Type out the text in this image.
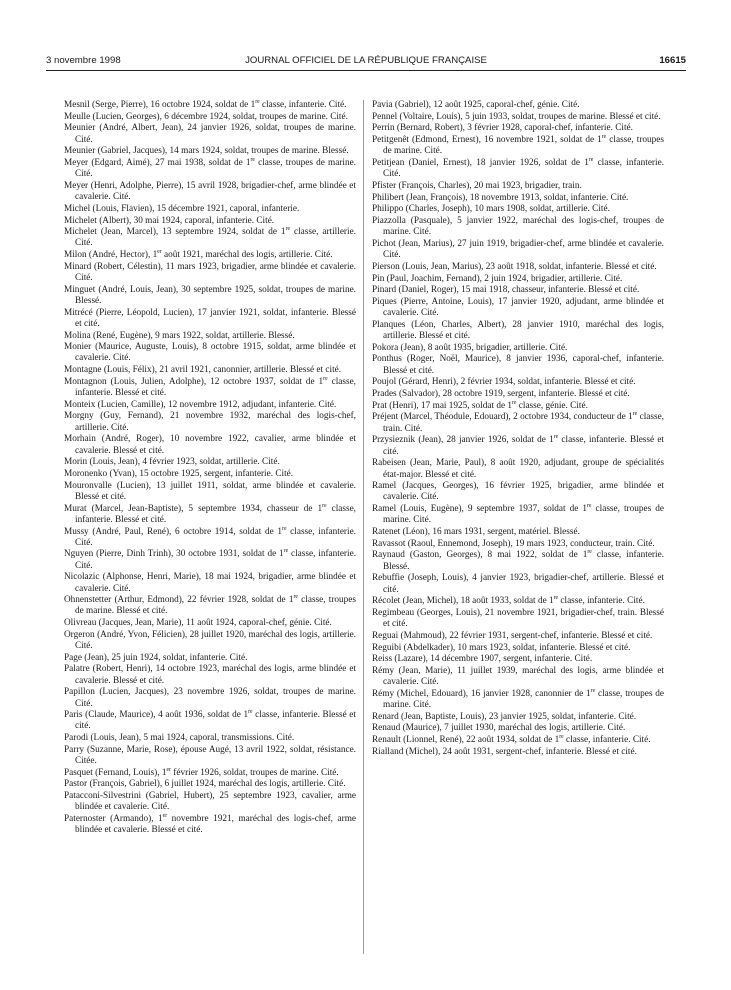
3 novembre 1998	JOURNAL OFFICIEL DE LA RÉPUBLIQUE FRANÇAISE	16615

Mesnil (Serge, Pierre), 16 octobre 1924, soldat de 1re classe, infanterie. Cité.

Meulle (Lucien, Georges), 6 décembre 1924, soldat, troupes de marine. Cité.

Meunier (André, Albert, Jean), 24 janvier 1926, soldat, troupes de marine. Cité.

Meunier (Gabriel, Jacques), 14 mars 1924, soldat, troupes de marine. Blessé.

Meyer (Edgard, Aimé), 27 mai 1938, soldat de 1re classe, troupes de marine. Cité.

Meyer (Henri, Adolphe, Pierre), 15 avril 1928, brigadier-chef, arme blindée et cavalerie. Cité.

Michel (Louis, Flavien), 15 décembre 1921, caporal, infanterie.

Michelet (Albert), 30 mai 1924, caporal, infanterie. Cité.

Michelet (Jean, Marcel), 13 septembre 1924, soldat de 1re classe, artillerie. Cité.

Milon (André, Hector), 1er août 1921, maréchal des logis, artillerie. Cité.

Minard (Robert, Célestin), 11 mars 1923, brigadier, arme blindée et cavalerie. Cité.

Minguet (André, Louis, Jean), 30 septembre 1925, soldat, troupes de marine. Blessé.

Mitrécé (Pierre, Léopold, Lucien), 17 janvier 1921, soldat, infanterie. Blessé et cité.

Molina (René, Eugène), 9 mars 1922, soldat, artillerie. Blessé.

Monier (Maurice, Auguste, Louis), 8 octobre 1915, soldat, arme blindée et cavalerie. Cité.

Montagne (Louis, Félix), 21 avril 1921, canonnier, artillerie. Blessé et cité.

Montagnon (Louis, Julien, Adolphe), 12 octobre 1937, soldat de 1re classe, infanterie. Blessé et cité.

Monteix (Lucien, Camille), 12 novembre 1912, adjudant, infanterie. Cité.

Morgny (Guy, Fernand), 21 novembre 1932, maréchal des logis-chef, artillerie. Cité.

Morhain (André, Roger), 10 novembre 1922, cavalier, arme blindée et cavalerie. Blessé et cité.

Morin (Louis, Jean), 4 février 1923, soldat, artillerie. Cité.

Moronenko (Yvan), 15 octobre 1925, sergent, infanterie. Cité.

Mouronvalle (Lucien), 13 juillet 1911, soldat, arme blindée et cavalerie. Blessé et cité.

Murat (Marcel, Jean-Baptiste), 5 septembre 1934, chasseur de 1re classe, infanterie. Blessé et cité.

Mussy (André, Paul, René), 6 octobre 1914, soldat de 1re classe, infanterie. Cité.

Nguyen (Pierre, Dinh Trinh), 30 octobre 1931, soldat de 1re classe, infanterie. Cité.

Nicolazic (Alphonse, Henri, Marie), 18 mai 1924, brigadier, arme blindée et cavalerie. Cité.

Ohnenstetter (Arthur, Edmond), 22 février 1928, soldat de 1re classe, troupes de marine. Blessé et cité.

Olivreau (Jacques, Jean, Marie), 11 août 1924, caporal-chef, génie. Cité.

Orgeron (André, Yvon, Félicien), 28 juillet 1920, maréchal des logis, artillerie. Cité.

Page (Jean), 25 juin 1924, soldat, infanterie. Cité.

Palatre (Robert, Henri), 14 octobre 1923, maréchal des logis, arme blindée et cavalerie. Blessé et cité.

Papillon (Lucien, Jacques), 23 novembre 1926, soldat, troupes de marine. Cité.

Paris (Claude, Maurice), 4 août 1936, soldat de 1re classe, infanterie. Blessé et cité.

Parodi (Louis, Jean), 5 mai 1924, caporal, transmissions. Cité.

Parry (Suzanne, Marie, Rose), épouse Augé, 13 avril 1922, soldat, résistance. Citée.

Pasquet (Fernand, Louis), 1er février 1926, soldat, troupes de marine. Cité.

Pastor (François, Gabriel), 6 juillet 1924, maréchal des logis, artillerie. Cité.

Patacconi-Silvestrini (Gabriel, Hubert), 25 septembre 1923, cavalier, arme blindée et cavalerie. Cité.

Paternoster (Armando), 1er novembre 1921, maréchal des logis-chef, arme blindée et cavalerie. Blessé et cité.

Pavia (Gabriel), 12 août 1925, caporal-chef, génie. Cité.

Pennel (Voltaire, Louis), 5 juin 1933, soldat, troupes de marine. Blessé et cité.

Perrin (Bernard, Robert), 3 février 1928, caporal-chef, infanterie. Cité.

Petitgenêt (Edmond, Ernest), 16 novembre 1921, soldat de 1re classe, troupes de marine. Cité.

Petitjean (Daniel, Ernest), 18 janvier 1926, soldat de 1re classe, infanterie. Cité.

Pfister (François, Charles), 20 mai 1923, brigadier, train.

Philibert (Jean, François), 18 novembre 1913, soldat, infanterie. Cité.

Philippo (Charles, Joseph), 10 mars 1908, soldat, artillerie. Cité.

Piazzolla (Pasquale), 5 janvier 1922, maréchal des logis-chef, troupes de marine. Cité.

Pichot (Jean, Marius), 27 juin 1919, brigadier-chef, arme blindée et cavalerie. Cité.

Pierson (Louis, Jean, Marius), 23 août 1918, soldat, infanterie. Blessé et cité.

Pin (Paul, Joachim, Fernand), 2 juin 1924, brigadier, artillerie. Cité.

Pinard (Daniel, Roger), 15 mai 1918, chasseur, infanterie. Blessé et cité.

Piques (Pierre, Antoine, Louis), 17 janvier 1920, adjudant, arme blindée et cavalerie. Cité.

Planques (Léon, Charles, Albert), 28 janvier 1910, maréchal des logis, artillerie. Blessé et cité.

Pokora (Jean), 8 août 1935, brigadier, artillerie. Cité.

Ponthus (Roger, Noël, Maurice), 8 janvier 1936, caporal-chef, infanterie. Blessé et cité.

Poujol (Gérard, Henri), 2 février 1934, soldat, infanterie. Blessé et cité.

Prades (Salvador), 28 octobre 1919, sergent, infanterie. Blessé et cité.

Prat (Henri), 17 mai 1925, soldat de 1re classe, génie. Cité.

Préjent (Marcel, Théodule, Edouard), 2 octobre 1934, conducteur de 1re classe, train. Cité.

Przysieznik (Jean), 28 janvier 1926, soldat de 1re classe, infanterie. Blessé et cité.

Rabeisen (Jean, Marie, Paul), 8 août 1920, adjudant, groupe de spécialités état-major. Blessé et cité.

Ramel (Jacques, Georges), 16 février 1925, brigadier, arme blindée et cavalerie. Cité.

Ramel (Louis, Eugène), 9 septembre 1937, soldat de 1re classe, troupes de marine. Cité.

Ratenet (Léon), 16 mars 1931, sergent, matériel. Blessé.

Ravassot (Raoul, Ennemond, Joseph), 19 mars 1923, conducteur, train. Cité.

Raynaud (Gaston, Georges), 8 mai 1922, soldat de 1re classe, infanterie. Blessé.

Rebuffie (Joseph, Louis), 4 janvier 1923, brigadier-chef, artillerie. Blessé et cité.

Récolet (Jean, Michel), 18 août 1933, soldat de 1re classe, infanterie. Cité.

Regimbeau (Georges, Louis), 21 novembre 1921, brigadier-chef, train. Blessé et cité.

Reguai (Mahmoud), 22 février 1931, sergent-chef, infanterie. Blessé et cité.

Reguibi (Abdelkader), 10 mars 1923, soldat, infanterie. Blessé et cité.

Reiss (Lazare), 14 décembre 1907, sergent, infanterie. Cité.

Rémy (Jean, Marie), 11 juillet 1939, maréchal des logis, arme blindée et cavalerie. Cité.

Rémy (Michel, Edouard), 16 janvier 1928, canonnier de 1re classe, troupes de marine. Cité.

Renard (Jean, Baptiste, Louis), 23 janvier 1925, soldat, infanterie. Cité.

Renaud (Maurice), 7 juillet 1930, maréchal des logis, artillerie. Cité.

Renault (Lionnel, René), 22 août 1934, soldat de 1re classe, infanterie. Cité.

Rialland (Michel), 24 août 1931, sergent-chef, infanterie. Blessé et cité.
